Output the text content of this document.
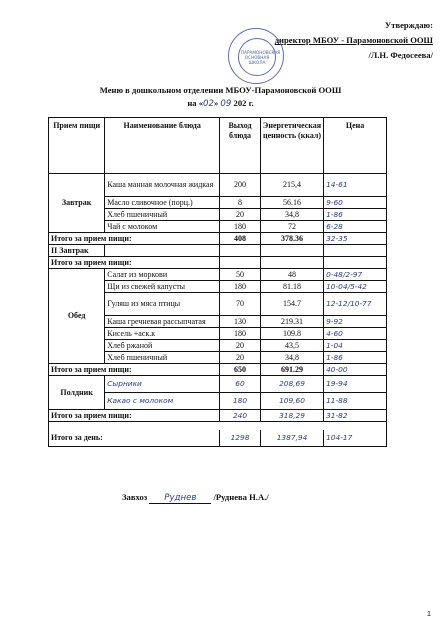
Утверждаю:
директор МБОУ - Парамоновской ООШ
/Л.Н. Федосеева/
ПАРАМОНОВСКАЯ ОСНОВНАЯ ШКОЛА
Меню в дошкольном отделении МБОУ-Парамоновской ООШ
на «02» 09 202 г.
Прием пищи	Наименование блюда	Выход блюда	Энергетическая ценность (ккал)	Цена
Завтрак	Каша манная молочная жидкая	200	215,4	14-61
	Масло сливочное (порц.)	8	56.16	9-60
	Хлеб пшеничный	20	34,8	1-86
	Чай с молоком	180	72	6-28
Итого за прием пищи:		408	378.36	32-35
II Завтрак				
Итого за прием пищи:				
Обед	Салат из моркови	50	48	0-48/2-97
	Щи из свежей капусты	180	81.18	10-04/5-42
	Гуляш из мяса птицы	70	154.7	12-12/10-77
	Каша гречневая рассыпчатая	130	219.31	9-92
	Кисель +аск.к	180	109.8	4-60
	Хлеб ржаной	20	43,5	1-04
	Хлеб пшеничный	20	34,8	1-86
Итого за прием пищи:		650	691.29	40-00
Полдник	Сырники	60	208,69	19-94
	Какао с молоком	180	109,60	11-88
Итого за прием пищи:		240	318,29	31-82

Итого за день:		1298	1387,94	104-17
Завхоз Руднев /Руднева Н.А./
1
